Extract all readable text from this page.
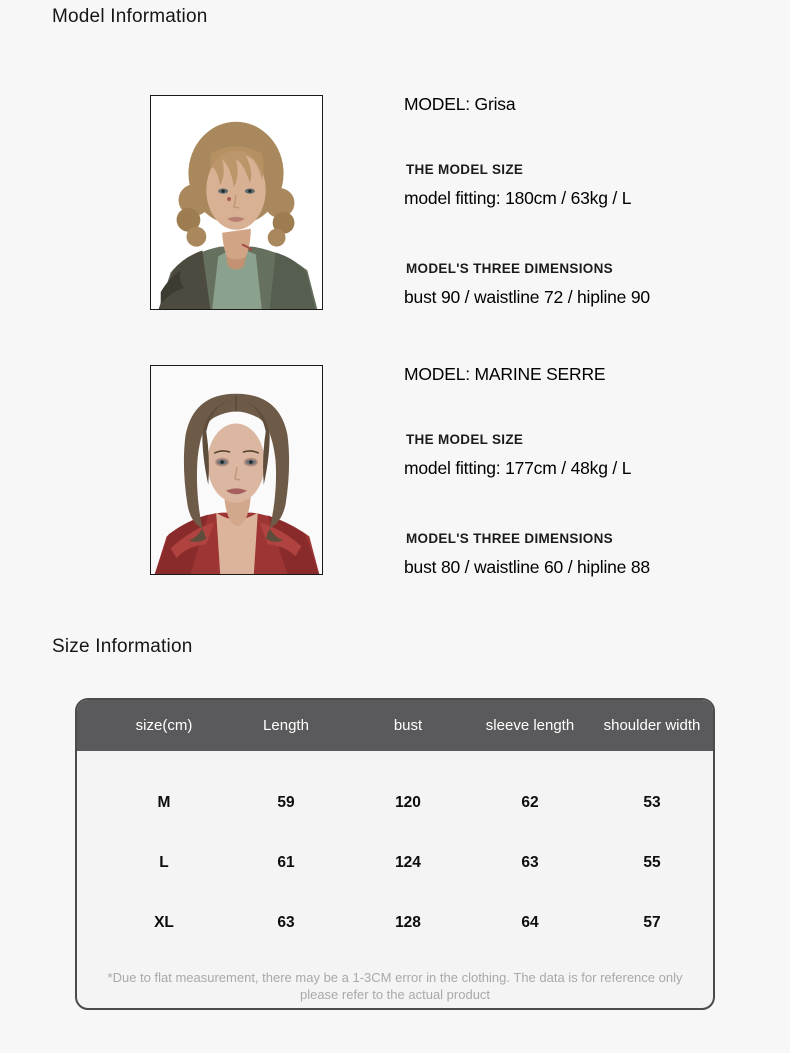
Model Information
MODEL: Grisa
THE MODEL SIZE
model fitting: 180cm / 63kg / L
MODEL'S THREE DIMENSIONS
bust 90 / waistline 72 / hipline 90
MODEL: MARINE SERRE
THE MODEL SIZE
model fitting: 177cm / 48kg / L
MODEL'S THREE DIMENSIONS
bust 80 / waistline 60 / hipline 88
Size Information
size(cm)	Length	bust	sleeve length	shoulder width
M	59	120	62	53
L	61	124	63	55
XL	63	128	64	57
*Due to flat measurement, there may be a 1-3CM error in the clothing. The data is for reference only
please refer to the actual product
